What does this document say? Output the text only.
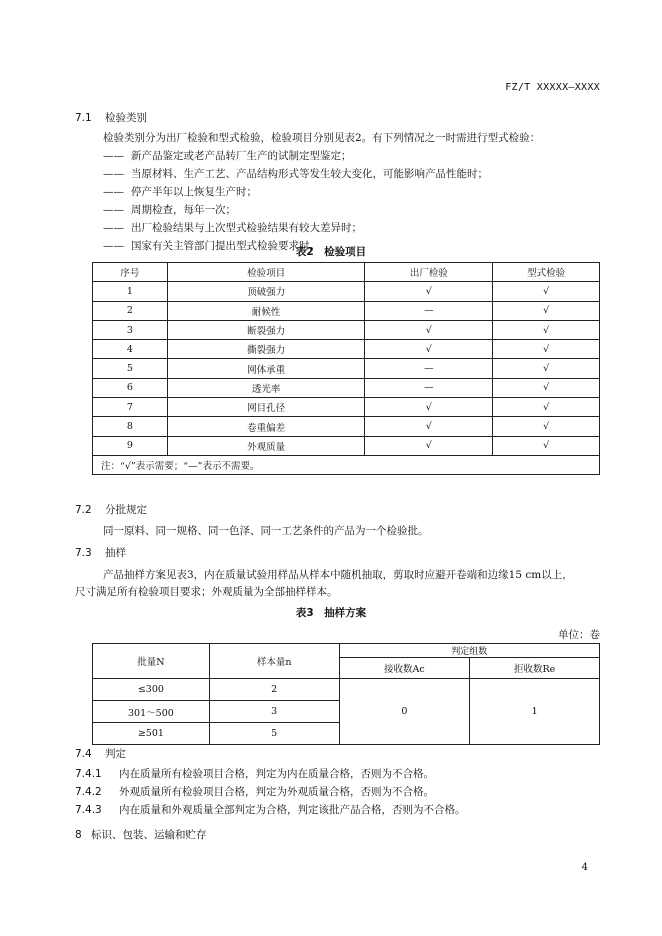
FZ/T XXXXX—XXXX
7.1 检验类别
检验类别分为出厂检验和型式检验，检验项目分别见表2。有下列情况之一时需进行型式检验：
—— 新产品鉴定或老产品转厂生产的试制定型鉴定；
—— 当原材料、生产工艺、产品结构形式等发生较大变化，可能影响产品性能时；
—— 停产半年以上恢复生产时；
—— 周期检查，每年一次；
—— 出厂检验结果与上次型式检验结果有较大差异时；
—— 国家有关主管部门提出型式检验要求时。
表2　检验项目
序号	检验项目	出厂检验	型式检验
1	顶破强力	√	√
2	耐候性	—	√
3	断裂强力	√	√
4	撕裂强力	√	√
5	网体承重	—	√
6	透光率	—	√
7	网目孔径	√	√
8	卷重偏差	√	√
9	外观质量	√	√
注：“√”表示需要；“—”表示不需要。			
7.2 分批规定
同一原料、同一规格、同一色泽、同一工艺条件的产品为一个检验批。
7.3 抽样
产品抽样方案见表3，内在质量试验用样品从样本中随机抽取，剪取时应避开卷端和边缘15 cm以上，
尺寸满足所有检验项目要求；外观质量为全部抽样样本。
表3　抽样方案
单位：卷
批量N	样本量n	判定组数	
		接收数Ac	拒收数Re
≤300	2	0	1
301～500	3		
≥501	5		
7.4 判定
7.4.1 内在质量所有检验项目合格，判定为内在质量合格，否则为不合格。
7.4.2 外观质量所有检验项目合格，判定为外观质量合格，否则为不合格。
7.4.3 内在质量和外观质量全部判定为合格，判定该批产品合格，否则为不合格。
8 标识、包装、运输和贮存
4
